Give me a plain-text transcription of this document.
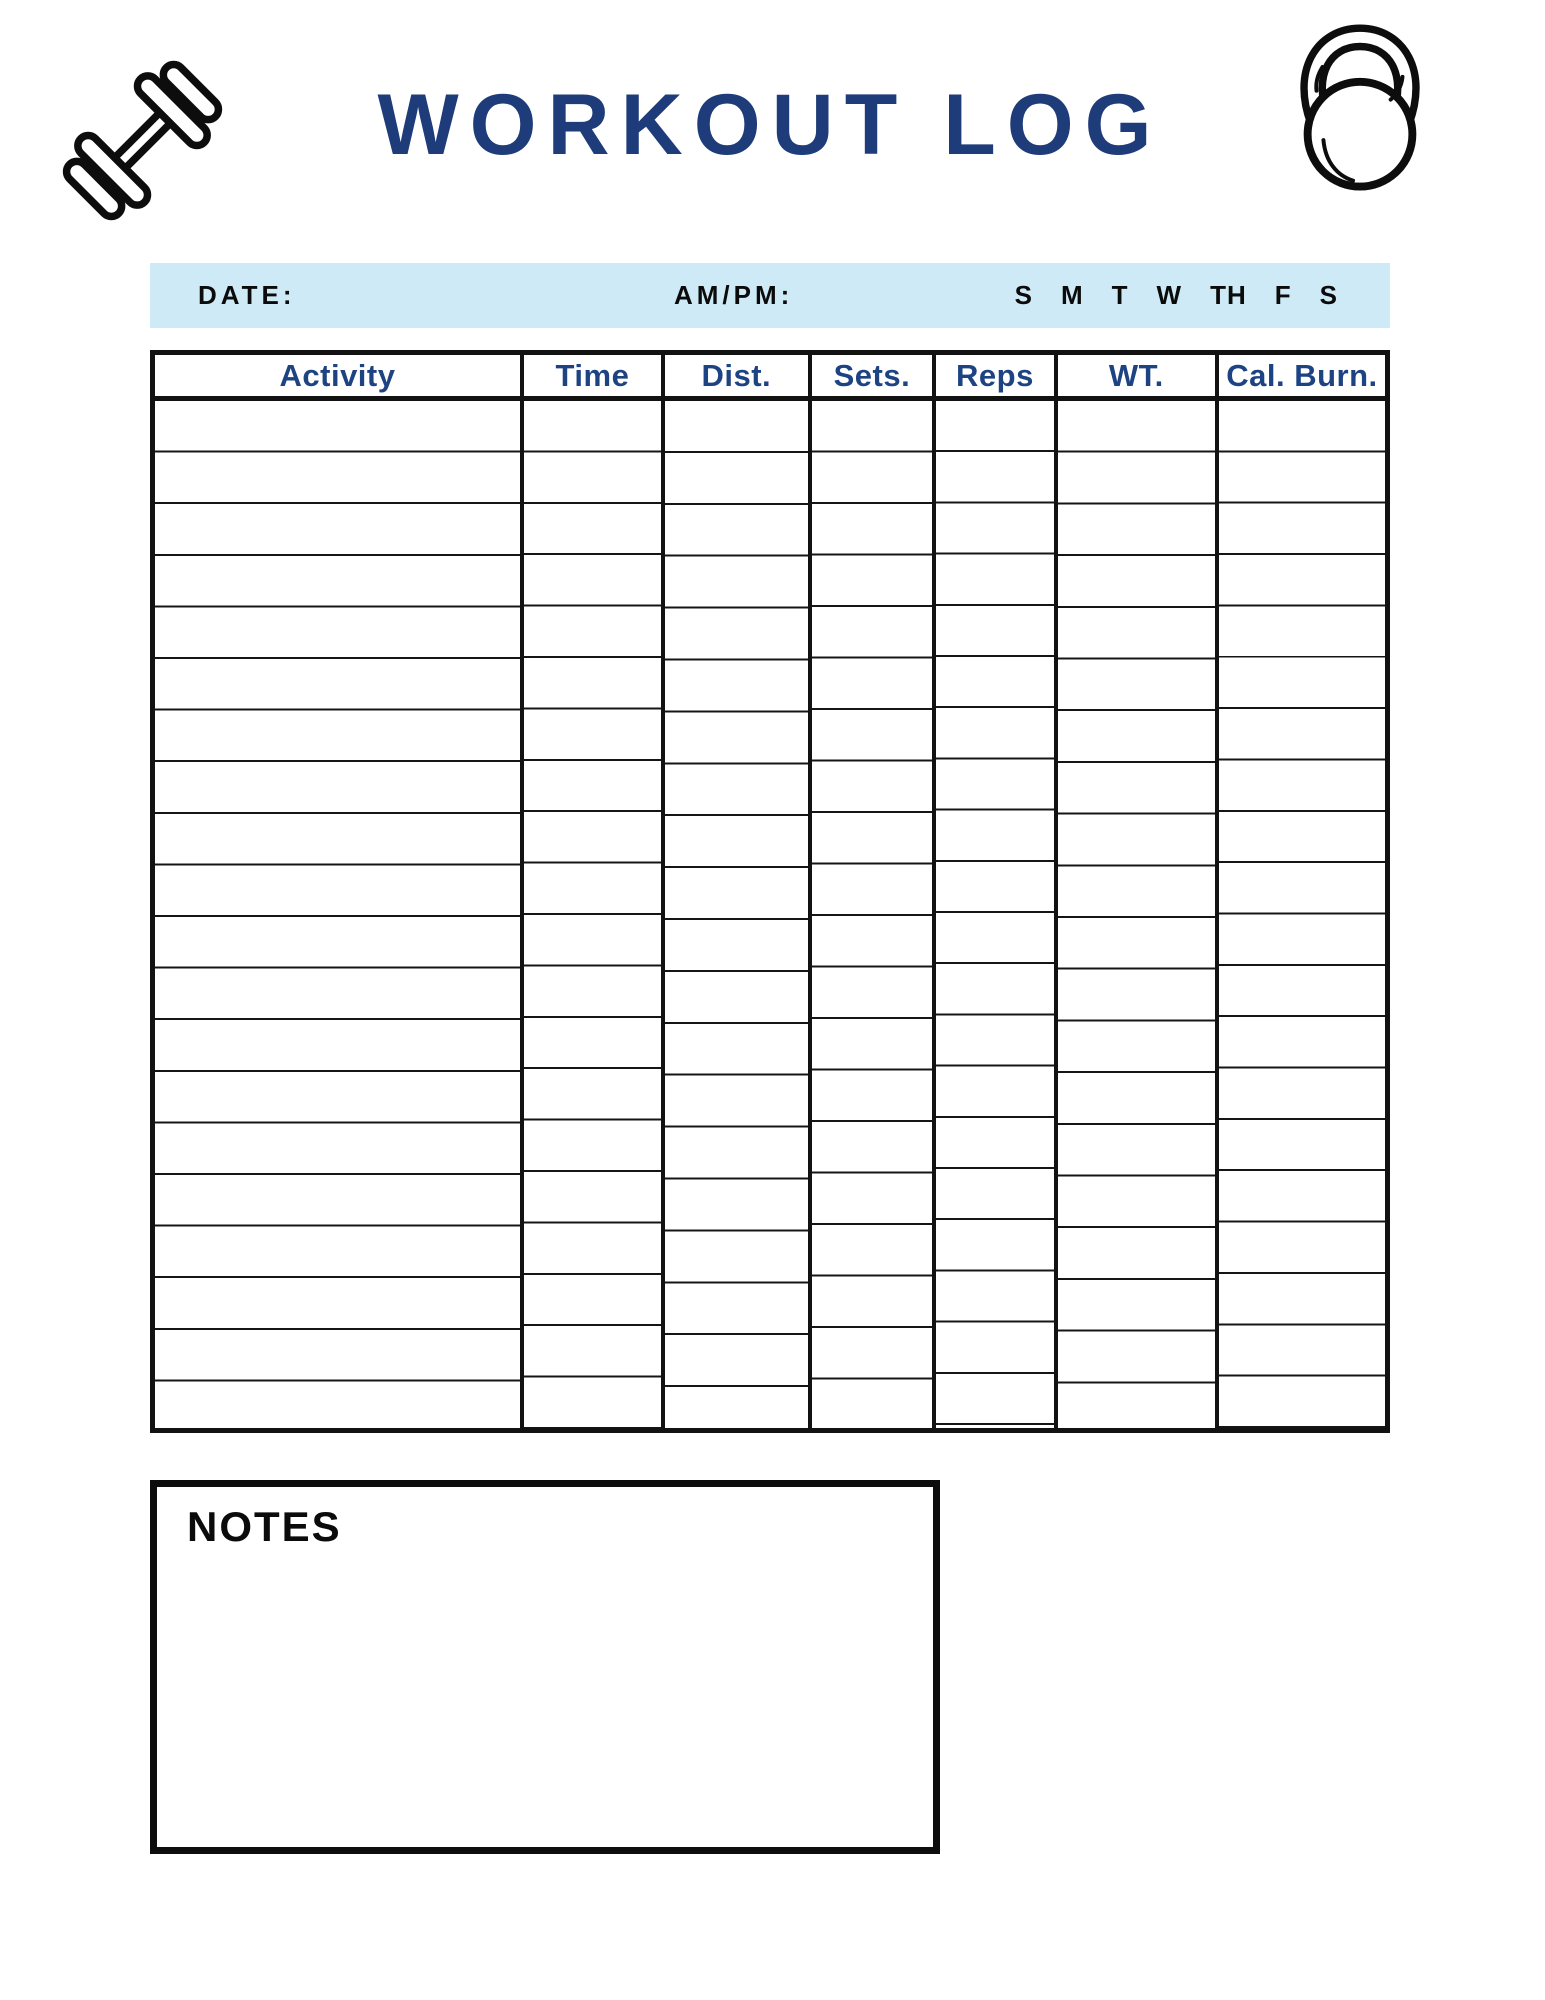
WORKOUT LOG
DATE:	AM/PM:	S M T W TH F S
Activity	Time	Dist.	Sets.	Reps	WT.	Cal. Burn.
NOTES
